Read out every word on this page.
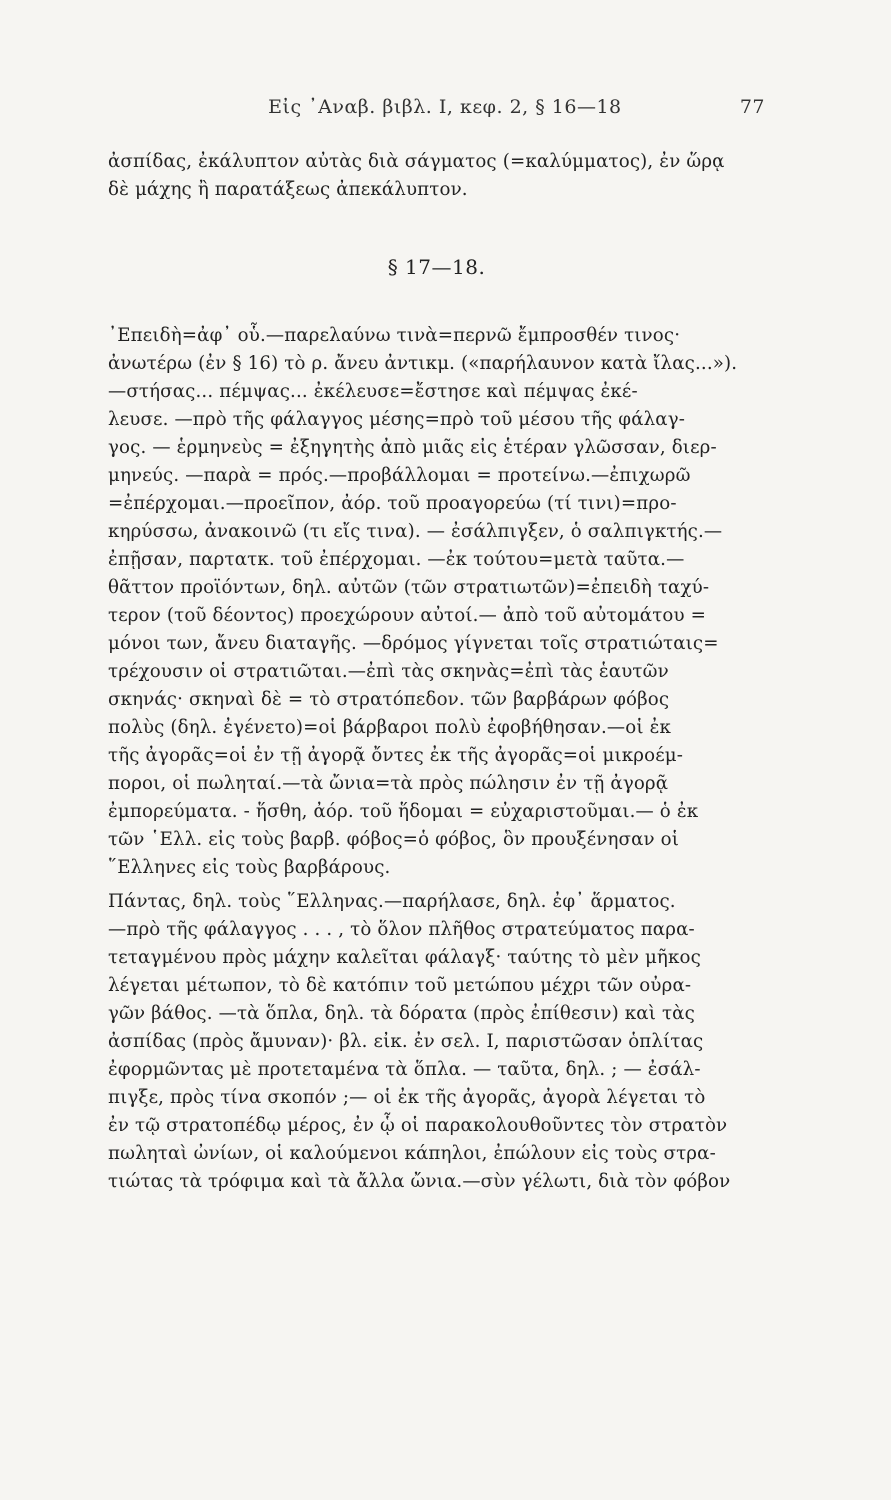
Εἰς ᾿Αναβ. βιβλ. Ι, κεφ. 2, § 16—18	77
ἀσπίδας, ἐκάλυπτον αὐτὰς διὰ σάγματος (=καλύμματος), ἐν ὥρᾳ
δὲ μάχης ἢ παρατάξεως ἀπεκάλυπτον.
§ 17—18.
᾿Επειδὴ=ἀφ᾿ οὗ.—παρελαύνω τινὰ=περνῶ ἔμπροσθέν τινος·
ἀνωτέρω (ἐν § 16) τὸ ρ. ἄνευ ἀντικμ. («παρήλαυνον κατὰ ἴλας...»).
—στήσας... πέμψας... ἐκέλευσε=ἔστησε καὶ πέμψας ἐκέ-
λευσε. —πρὸ τῆς φάλαγγος μέσης=πρὸ τοῦ μέσου τῆς φάλαγ-
γος. — ἑρμηνεὺς = ἐξηγητὴς ἀπὸ μιᾶς εἰς ἑτέραν γλῶσσαν, διερ-
μηνεύς. —παρὰ = πρός.—προβάλλομαι = προτείνω.—ἐπιχωρῶ
=ἐπέρχομαι.—προεῖπον, ἀόρ. τοῦ προαγορεύω (τί τινι)=προ-
κηρύσσω, ἀνακοινῶ (τι εἴς τινα). — ἐσάλπιγξεν, ὁ σαλπιγκτής.—
ἐπῇσαν, παρτατκ. τοῦ ἐπέρχομαι. —ἐκ τούτου=μετὰ ταῦτα.—
θᾶττον προϊόντων, δηλ. αὐτῶν (τῶν στρατιωτῶν)=ἐπειδὴ ταχύ-
τερον (τοῦ δέοντος) προεχώρουν αὐτοί.— ἀπὸ τοῦ αὐτομάτου =
μόνοι των, ἄνευ διαταγῆς. —δρόμος γίγνεται τοῖς στρατιώταις=
τρέχουσιν οἱ στρατιῶται.—ἐπὶ τὰς σκηνὰς=ἐπὶ τὰς ἑαυτῶν
σκηνάς· σκηναὶ δὲ = τὸ στρατόπεδον. τῶν βαρβάρων φόβος
πολὺς (δηλ. ἐγένετο)=οἱ βάρβαροι πολὺ ἐφοβήθησαν.—οἱ ἐκ
τῆς ἀγορᾶς=οἱ ἐν τῇ ἀγορᾷ ὄντες ἐκ τῆς ἀγορᾶς=οἱ μικροέμ-
ποροι, οἱ πωληταί.—τὰ ὤνια=τὰ πρὸς πώλησιν ἐν τῇ ἀγορᾷ
ἐμπορεύματα. - ἥσθη, ἀόρ. τοῦ ἥδομαι = εὐχαριστοῦμαι.— ὁ ἐκ
τῶν ῾Ελλ. εἰς τοὺς βαρβ. φόβος=ὁ φόβος, ὃν προυξένησαν οἱ
῞Ελληνες εἰς τοὺς βαρβάρους.
Πάντας, δηλ. τοὺς ῞Ελληνας.—παρήλασε, δηλ. ἐφ᾿ ἅρματος.
—πρὸ τῆς φάλαγγος . . . , τὸ ὅλον πλῆθος στρατεύματος παρα-
τεταγμένου πρὸς μάχην καλεῖται φάλαγξ· ταύτης τὸ μὲν μῆκος
λέγεται μέτωπον, τὸ δὲ κατόπιν τοῦ μετώπου μέχρι τῶν οὐρα-
γῶν βάθος. —τὰ ὅπλα, δηλ. τὰ δόρατα (πρὸς ἐπίθεσιν) καὶ τὰς
ἀσπίδας (πρὸς ἄμυναν)· βλ. εἰκ. ἐν σελ. Ι, παριστῶσαν ὁπλίτας
ἐφορμῶντας μὲ προτεταμένα τὰ ὅπλα. — ταῦτα, δηλ. ; — ἐσάλ-
πιγξε, πρὸς τίνα σκοπόν ;— οἱ ἐκ τῆς ἀγορᾶς, ἀγορὰ λέγεται τὸ
ἐν τῷ στρατοπέδῳ μέρος, ἐν ᾧ οἱ παρακολουθοῦντες τὸν στρατὸν
πωληταὶ ὠνίων, οἱ καλούμενοι κάπηλοι, ἐπώλουν εἰς τοὺς στρα-
τιώτας τὰ τρόφιμα καὶ τὰ ἄλλα ὤνια.—σὺν γέλωτι, διὰ τὸν φόβον
